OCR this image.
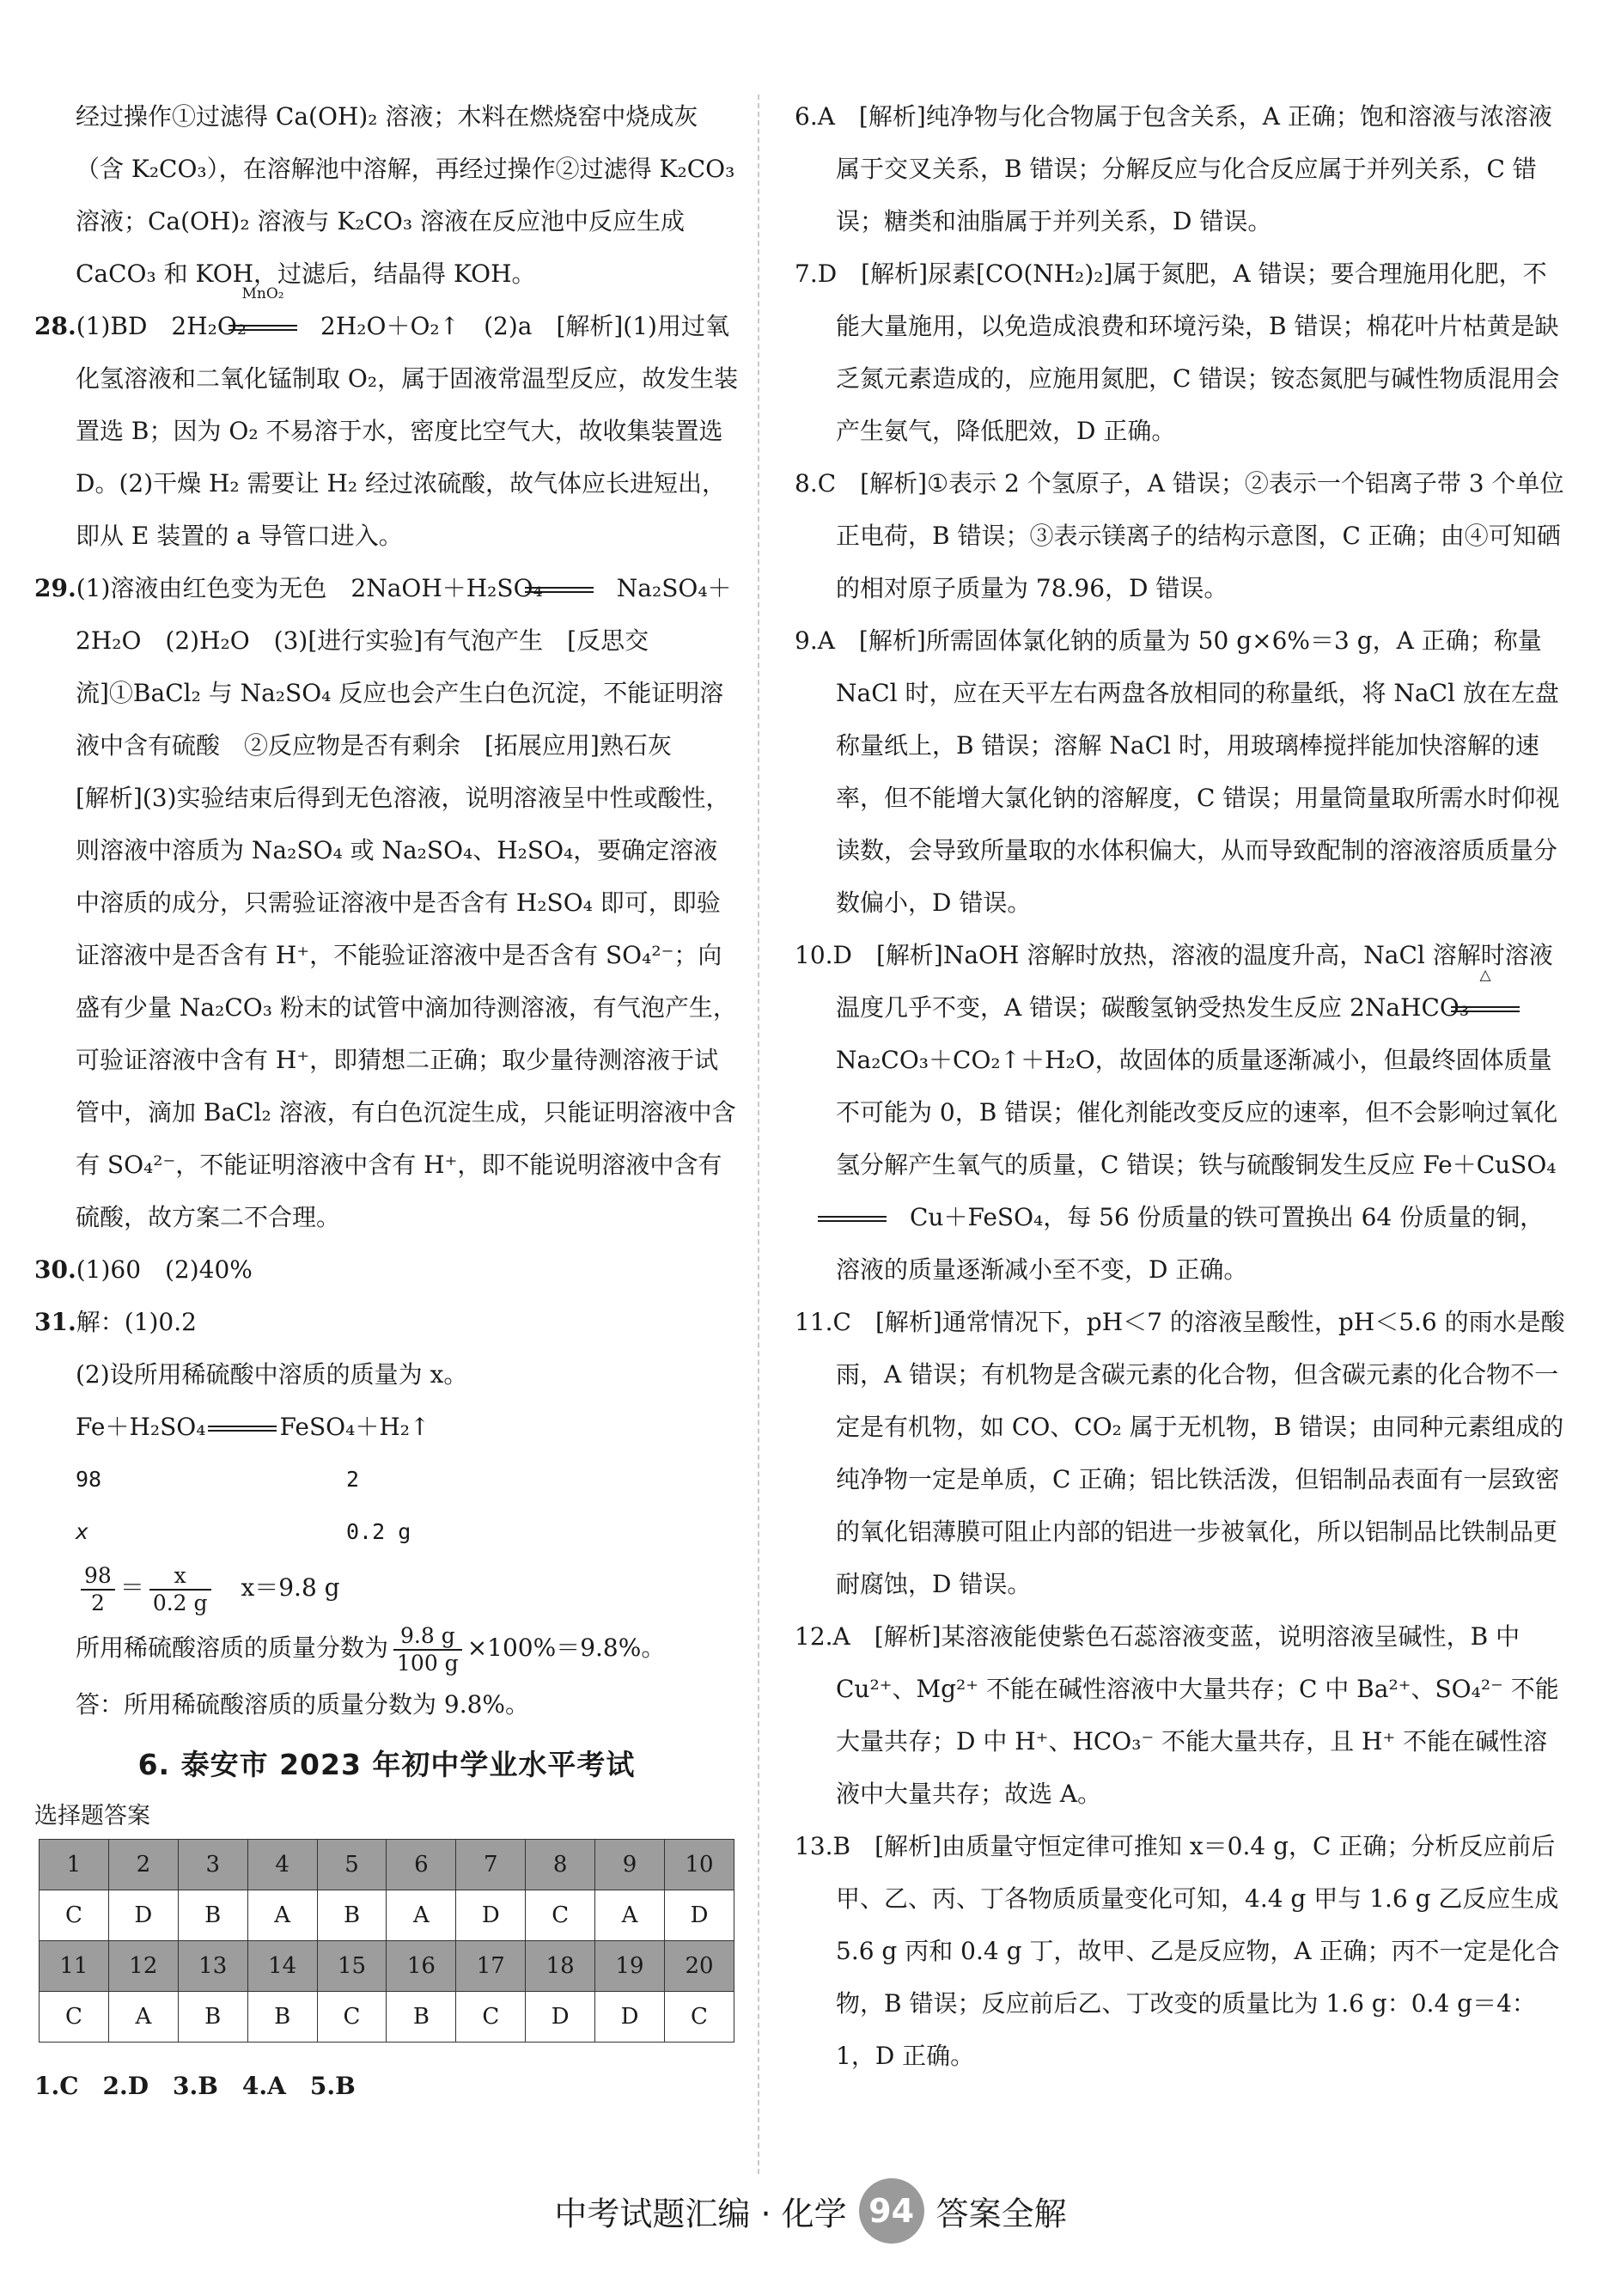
经过操作①过滤得 Ca(OH)₂ 溶液；木料在燃烧窑中烧成灰（含 K₂CO₃），在溶解池中溶解，再经过操作②过滤得 K₂CO₃ 溶液；Ca(OH)₂ 溶液与 K₂CO₃ 溶液在反应池中反应生成 CaCO₃ 和 KOH，过滤后，结晶得 KOH。

28.(1)BD　2H₂O₂
MnO₂
2H₂O＋O₂↑　(2)a　[解析](1)用过氧化氢溶液和二氧化锰制取 O₂，属于固液常温型反应，故发生装置选 B；因为 O₂ 不易溶于水，密度比空气大，故收集装置选 D。(2)干燥 H₂ 需要让 H₂ 经过浓硫酸，故气体应长进短出，即从 E 装置的 a 导管口进入。

29.(1)溶液由红色变为无色　2NaOH＋H₂SO₄	Na₂SO₄＋2H₂O　(2)H₂O　(3)[进行实验]有气泡产生　[反思交流]①BaCl₂ 与 Na₂SO₄ 反应也会产生白色沉淀，不能证明溶液中含有硫酸　②反应物是否有剩余　[拓展应用]熟石灰

[解析](3)实验结束后得到无色溶液，说明溶液呈中性或酸性，则溶液中溶质为 Na₂SO₄ 或 Na₂SO₄、H₂SO₄，要确定溶液中溶质的成分，只需验证溶液中是否含有 H₂SO₄ 即可，即验证溶液中是否含有 H⁺，不能验证溶液中是否含有 SO₄²⁻；向盛有少量 Na₂CO₃ 粉末的试管中滴加待测溶液，有气泡产生，可验证溶液中含有 H⁺，即猜想二正确；取少量待测溶液于试管中，滴加 BaCl₂ 溶液，有白色沉淀生成，只能证明溶液中含有 SO₄²⁻，不能证明溶液中含有 H⁺，即不能说明溶液中含有硫酸，故方案二不合理。

30.(1)60　(2)40%

31.解：(1)0.2

(2)设所用稀硫酸中溶质的质量为 x。

Fe＋H₂SO₄	FeSO₄＋H₂↑

98	2

x	0.2 g

$\frac{98}{2} = \frac{x}{0.2 g} x=9.8$ g

所用稀硫酸溶质的质量分数为 $\frac{9.8 g}{100 g} \times 100\%=9.8\%$。

答：所用稀硫酸溶质的质量分数为 9.8%。

6. 泰安市 2023 年初中学业水平考试
选择题答案
1	2	3	4	5	6	7	8	9	10
C	D	B	A	B	A	D	C	A	D
11	12	13	14	15	16	17	18	19	20
C	A	B	B	C	B	C	D	D	C

1.C　2.D　3.B　4.A　5.B

6.A　[解析]纯净物与化合物属于包含关系，A 正确；饱和溶液与浓溶液属于交叉关系，B 错误；分解反应与化合反应属于并列关系，C 错误；糖类和油脂属于并列关系，D 错误。

7.D　[解析]尿素[CO(NH₂)₂]属于氮肥，A 错误；要合理施用化肥，不能大量施用，以免造成浪费和环境污染，B 错误；棉花叶片枯黄是缺乏氮元素造成的，应施用氮肥，C 错误；铵态氮肥与碱性物质混用会产生氨气，降低肥效，D 正确。

8.C　[解析]①表示 2 个氢原子，A 错误；②表示一个铝离子带 3 个单位正电荷，B 错误；③表示镁离子的结构示意图，C 正确；由④可知硒的相对原子质量为 78.96，D 错误。

9.A　[解析]所需固体氯化钠的质量为 50 g×6%＝3 g，A 正确；称量 NaCl 时，应在天平左右两盘各放相同的称量纸，将 NaCl 放在左盘称量纸上，B 错误；溶解 NaCl 时，用玻璃棒搅拌能加快溶解的速率，但不能增大氯化钠的溶解度，C 错误；用量筒量取所需水时仰视读数，会导致所量取的水体积偏大，从而导致配制的溶液溶质质量分数偏小，D 错误。

10.D　[解析]NaOH 溶解时放热，溶液的温度升高，NaCl 溶解时溶液温度几乎不变，A 错误；碳酸氢钠受热发生反应 2NaHCO₃
△
Na₂CO₃＋CO₂↑＋H₂O，故固体的质量逐渐减小，但最终固体质量不可能为 0，B 错误；催化剂能改变反应的速率，但不会影响过氧化氢分解产生氧气的质量，C 错误；铁与硫酸铜发生反应 Fe＋CuSO₄Cu＋FeSO₄，每 56 份质量的铁可置换出 64 份质量的铜，溶液的质量逐渐减小至不变，D 正确。

11.C　[解析]通常情况下，pH＜7 的溶液呈酸性，pH＜5.6 的雨水是酸雨，A 错误；有机物是含碳元素的化合物，但含碳元素的化合物不一定是有机物，如 CO、CO₂ 属于无机物，B 错误；由同种元素组成的纯净物一定是单质，C 正确；铝比铁活泼，但铝制品表面有一层致密的氧化铝薄膜可阻止内部的铝进一步被氧化，所以铝制品比铁制品更耐腐蚀，D 错误。

12.A　[解析]某溶液能使紫色石蕊溶液变蓝，说明溶液呈碱性，B 中 Cu²⁺、Mg²⁺ 不能在碱性溶液中大量共存；C 中 Ba²⁺、SO₄²⁻ 不能大量共存；D 中 H⁺、HCO₃⁻ 不能大量共存，且 H⁺ 不能在碱性溶液中大量共存；故选 A。

13.B　[解析]由质量守恒定律可推知 x＝0.4 g，C 正确；分析反应前后甲、乙、丙、丁各物质质量变化可知，4.4 g 甲与 1.6 g 乙反应生成 5.6 g 丙和 0.4 g 丁，故甲、乙是反应物，A 正确；丙不一定是化合物，B 错误；反应前后乙、丁改变的质量比为 1.6 g：0.4 g＝4：1，D 正确。

中考试题汇编 · 化学 94 答案全解
